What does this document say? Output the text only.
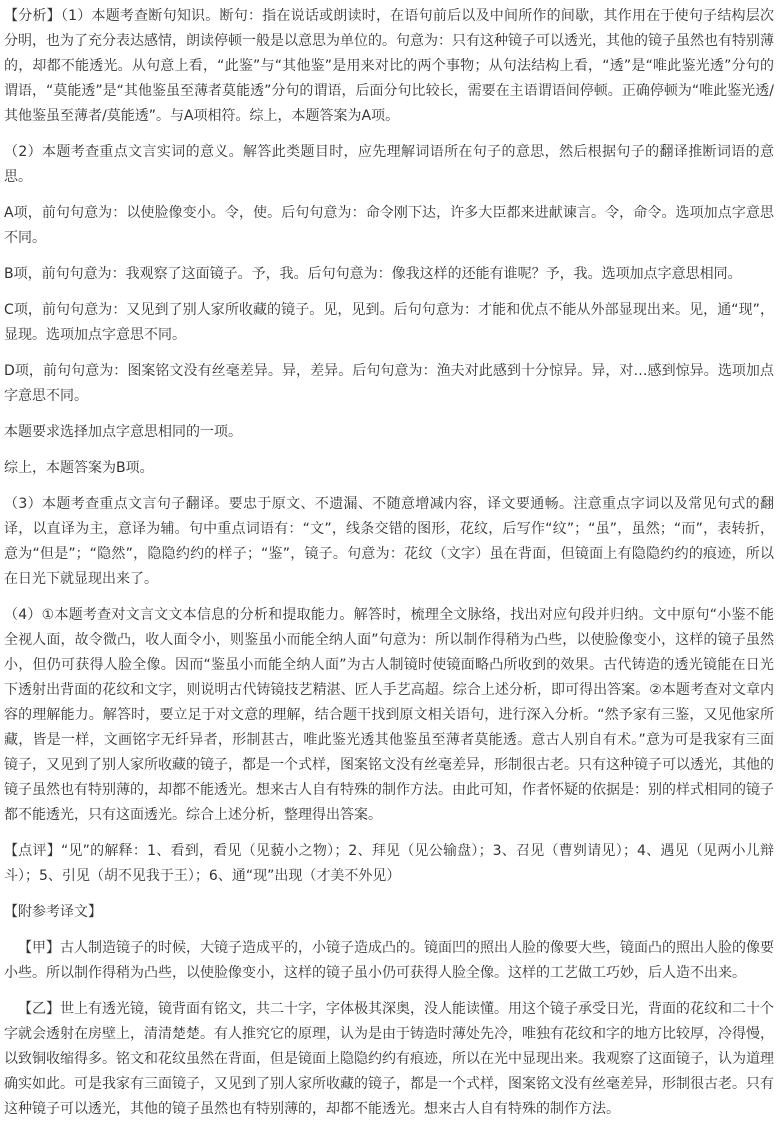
【分析】（1）本题考查断句知识。断句：指在说话或朗读时，在语句前后以及中间所作的间歇，其作用在于使句子结构层次分明，也为了充分表达感情，朗读停顿一般是以意思为单位的。句意为：只有这种镜子可以透光，其他的镜子虽然也有特别薄的，却都不能透光。从句意上看，“此鉴”与“其他鉴”是用来对比的两个事物；从句法结构上看，“透”是“唯此鉴光透”分句的谓语，“莫能透”是“其他鉴虽至薄者莫能透”分句的谓语，后面分句比较长，需要在主语谓语间停顿。正确停顿为“唯此鉴光透/其他鉴虽至薄者/莫能透”。与A项相符。综上，本题答案为A项。

（2）本题考查重点文言实词的意义。解答此类题目时，应先理解词语所在句子的意思，然后根据句子的翻译推断词语的意思。

A项，前句句意为：以使脸像变小。令，使。后句句意为：命令刚下达，许多大臣都来进献谏言。令，命令。选项加点字意思不同。

B项，前句句意为：我观察了这面镜子。予，我。后句句意为：像我这样的还能有谁呢？予，我。选项加点字意思相同。

C项，前句句意为：又见到了别人家所收藏的镜子。见，见到。后句句意为：才能和优点不能从外部显现出来。见，通“现”，显现。选项加点字意思不同。

D项，前句句意为：图案铭文没有丝毫差异。异，差异。后句句意为：渔夫对此感到十分惊异。异，对…感到惊异。选项加点字意思不同。

本题要求选择加点字意思相同的一项。

综上，本题答案为B项。

（3）本题考查重点文言句子翻译。要忠于原文、不遗漏、不随意增减内容，译文要通畅。注意重点字词以及常见句式的翻译，以直译为主，意译为辅。句中重点词语有：“文”，线条交错的图形，花纹，后写作“纹”；“虽”，虽然；“而”，表转折，意为“但是”；“隐然”，隐隐约约的样子；“鉴”，镜子。句意为：花纹（文字）虽在背面，但镜面上有隐隐约约的痕迹，所以在日光下就显现出来了。

（4）①本题考查对文言文文本信息的分析和提取能力。解答时，梳理全文脉络，找出对应句段并归纳。文中原句“小鉴不能全视人面，故令微凸，收人面令小，则鉴虽小而能全纳人面”句意为：所以制作得稍为凸些，以使脸像变小，这样的镜子虽然小，但仍可获得人脸全像。因而“鉴虽小而能全纳人面”为古人制镜时使镜面略凸所收到的效果。古代铸造的透光镜能在日光下透射出背面的花纹和文字，则说明古代铸镜技艺精湛、匠人手艺高超。综合上述分析，即可得出答案。②本题考查对文章内容的理解能力。解答时，要立足于对文意的理解，结合题干找到原文相关语句，进行深入分析。“然予家有三鉴，又见他家所藏，皆是一样，文画铭字无纤异者，形制甚古，唯此鉴光透其他鉴虽至薄者莫能透。意古人别自有术。”意为可是我家有三面镜子，又见到了别人家所收藏的镜子，都是一个式样，图案铭文没有丝毫差异，形制很古老。只有这种镜子可以透光，其他的镜子虽然也有特别薄的，却都不能透光。想来古人自有特殊的制作方法。由此可知，作者怀疑的依据是：别的样式相同的镜子都不能透光，只有这面透光。综合上述分析，整理得出答案。

【点评】“见”的解释：1、看到，看见（见藐小之物）；2、拜见（见公输盘）；3、召见（曹刿请见）；4、遇见（见两小儿辩斗）；5、引见（胡不见我于王）；6、通“现”出现（才美不外见）

【附参考译文】

【甲】古人制造镜子的时候，大镜子造成平的，小镜子造成凸的。镜面凹的照出人脸的像要大些，镜面凸的照出人脸的像要小些。所以制作得稍为凸些，以使脸像变小，这样的镜子虽小仍可获得人脸全像。这样的工艺做工巧妙，后人造不出来。

【乙】世上有透光镜，镜背面有铭文，共二十字，字体极其深奥，没人能读懂。用这个镜子承受日光，背面的花纹和二十个字就会透射在房壁上，清清楚楚。有人推究它的原理，认为是由于铸造时薄处先冷，唯独有花纹和字的地方比较厚，冷得慢，以致铜收缩得多。铭文和花纹虽然在背面，但是镜面上隐隐约约有痕迹，所以在光中显现出来。我观察了这面镜子，认为道理确实如此。可是我家有三面镜子，又见到了别人家所收藏的镜子，都是一个式样，图案铭文没有丝毫差异，形制很古老。只有这种镜子可以透光，其他的镜子虽然也有特别薄的，却都不能透光。想来古人自有特殊的制作方法。
